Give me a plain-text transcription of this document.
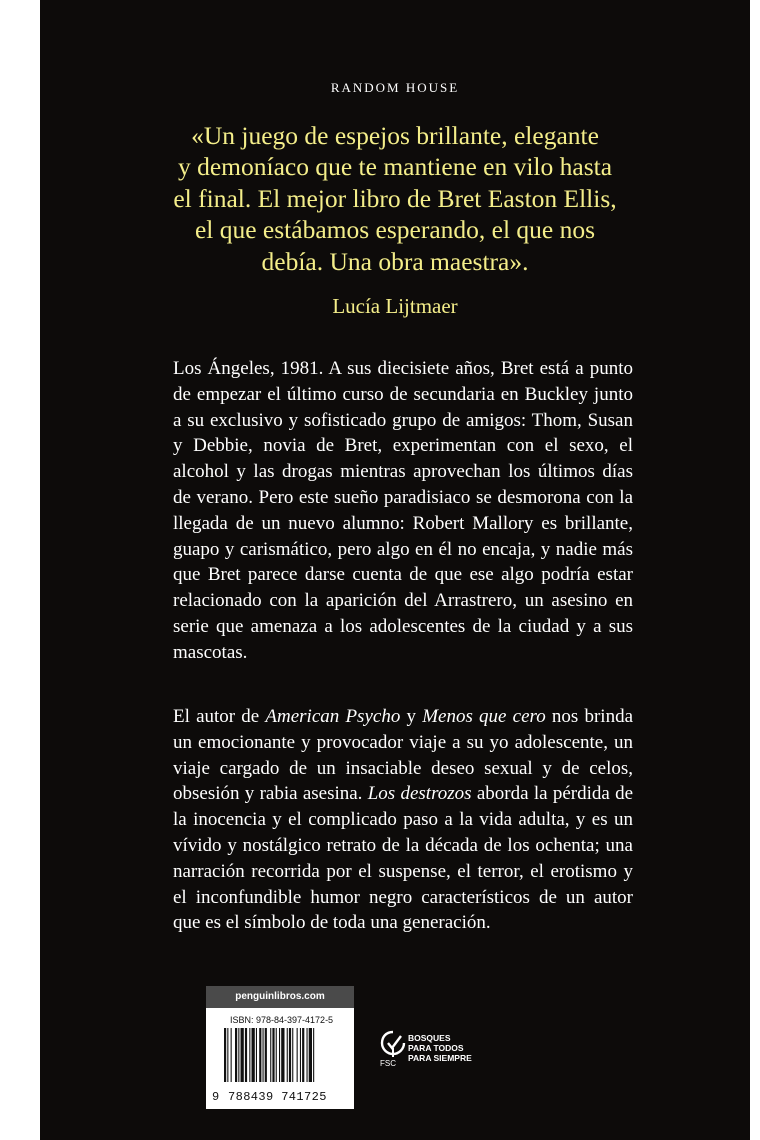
RANDOM HOUSE
«Un juego de espejos brillante, elegante
y demoníaco que te mantiene en vilo hasta
el final. El mejor libro de Bret Easton Ellis,
el que estábamos esperando, el que nos
debía. Una obra maestra».
Lucía Lijtmaer

Los Ángeles, 1981. A sus diecisiete años, Bret está a punto de empezar el último curso de secundaria en Buckley junto a su exclusivo y sofisticado grupo de amigos: Thom, Susan y Debbie, novia de Bret, experimentan con el sexo, el alcohol y las drogas mientras aprovechan los últimos días de verano. Pero este sueño paradisiaco se desmorona con la llegada de un nuevo alumno: Robert Mallory es brillante, guapo y carismático, pero algo en él no encaja, y nadie más que Bret parece darse cuenta de que ese algo podría estar relacionado con la aparición del Arrastrero, un asesino en serie que amenaza a los adolescentes de la ciudad y a sus mascotas.

El autor de American Psycho y Menos que cero nos brinda un emocionante y provocador viaje a su yo adolescente, un viaje cargado de un insaciable deseo sexual y de celos, obsesión y rabia asesina. Los destrozos aborda la pérdida de la inocencia y el complicado paso a la vida adulta, y es un vívido y nostálgico retrato de la década de los ochenta; una narración recorrida por el suspense, el terror, el erotismo y el inconfundible humor negro característicos de un autor que es el símbolo de toda una generación.

penguinlibros.com
ISBN: 978-84-397-4172-5
9 788439 741725
FSC
BOSQUES
PARA TODOS
PARA SIEMPRE
